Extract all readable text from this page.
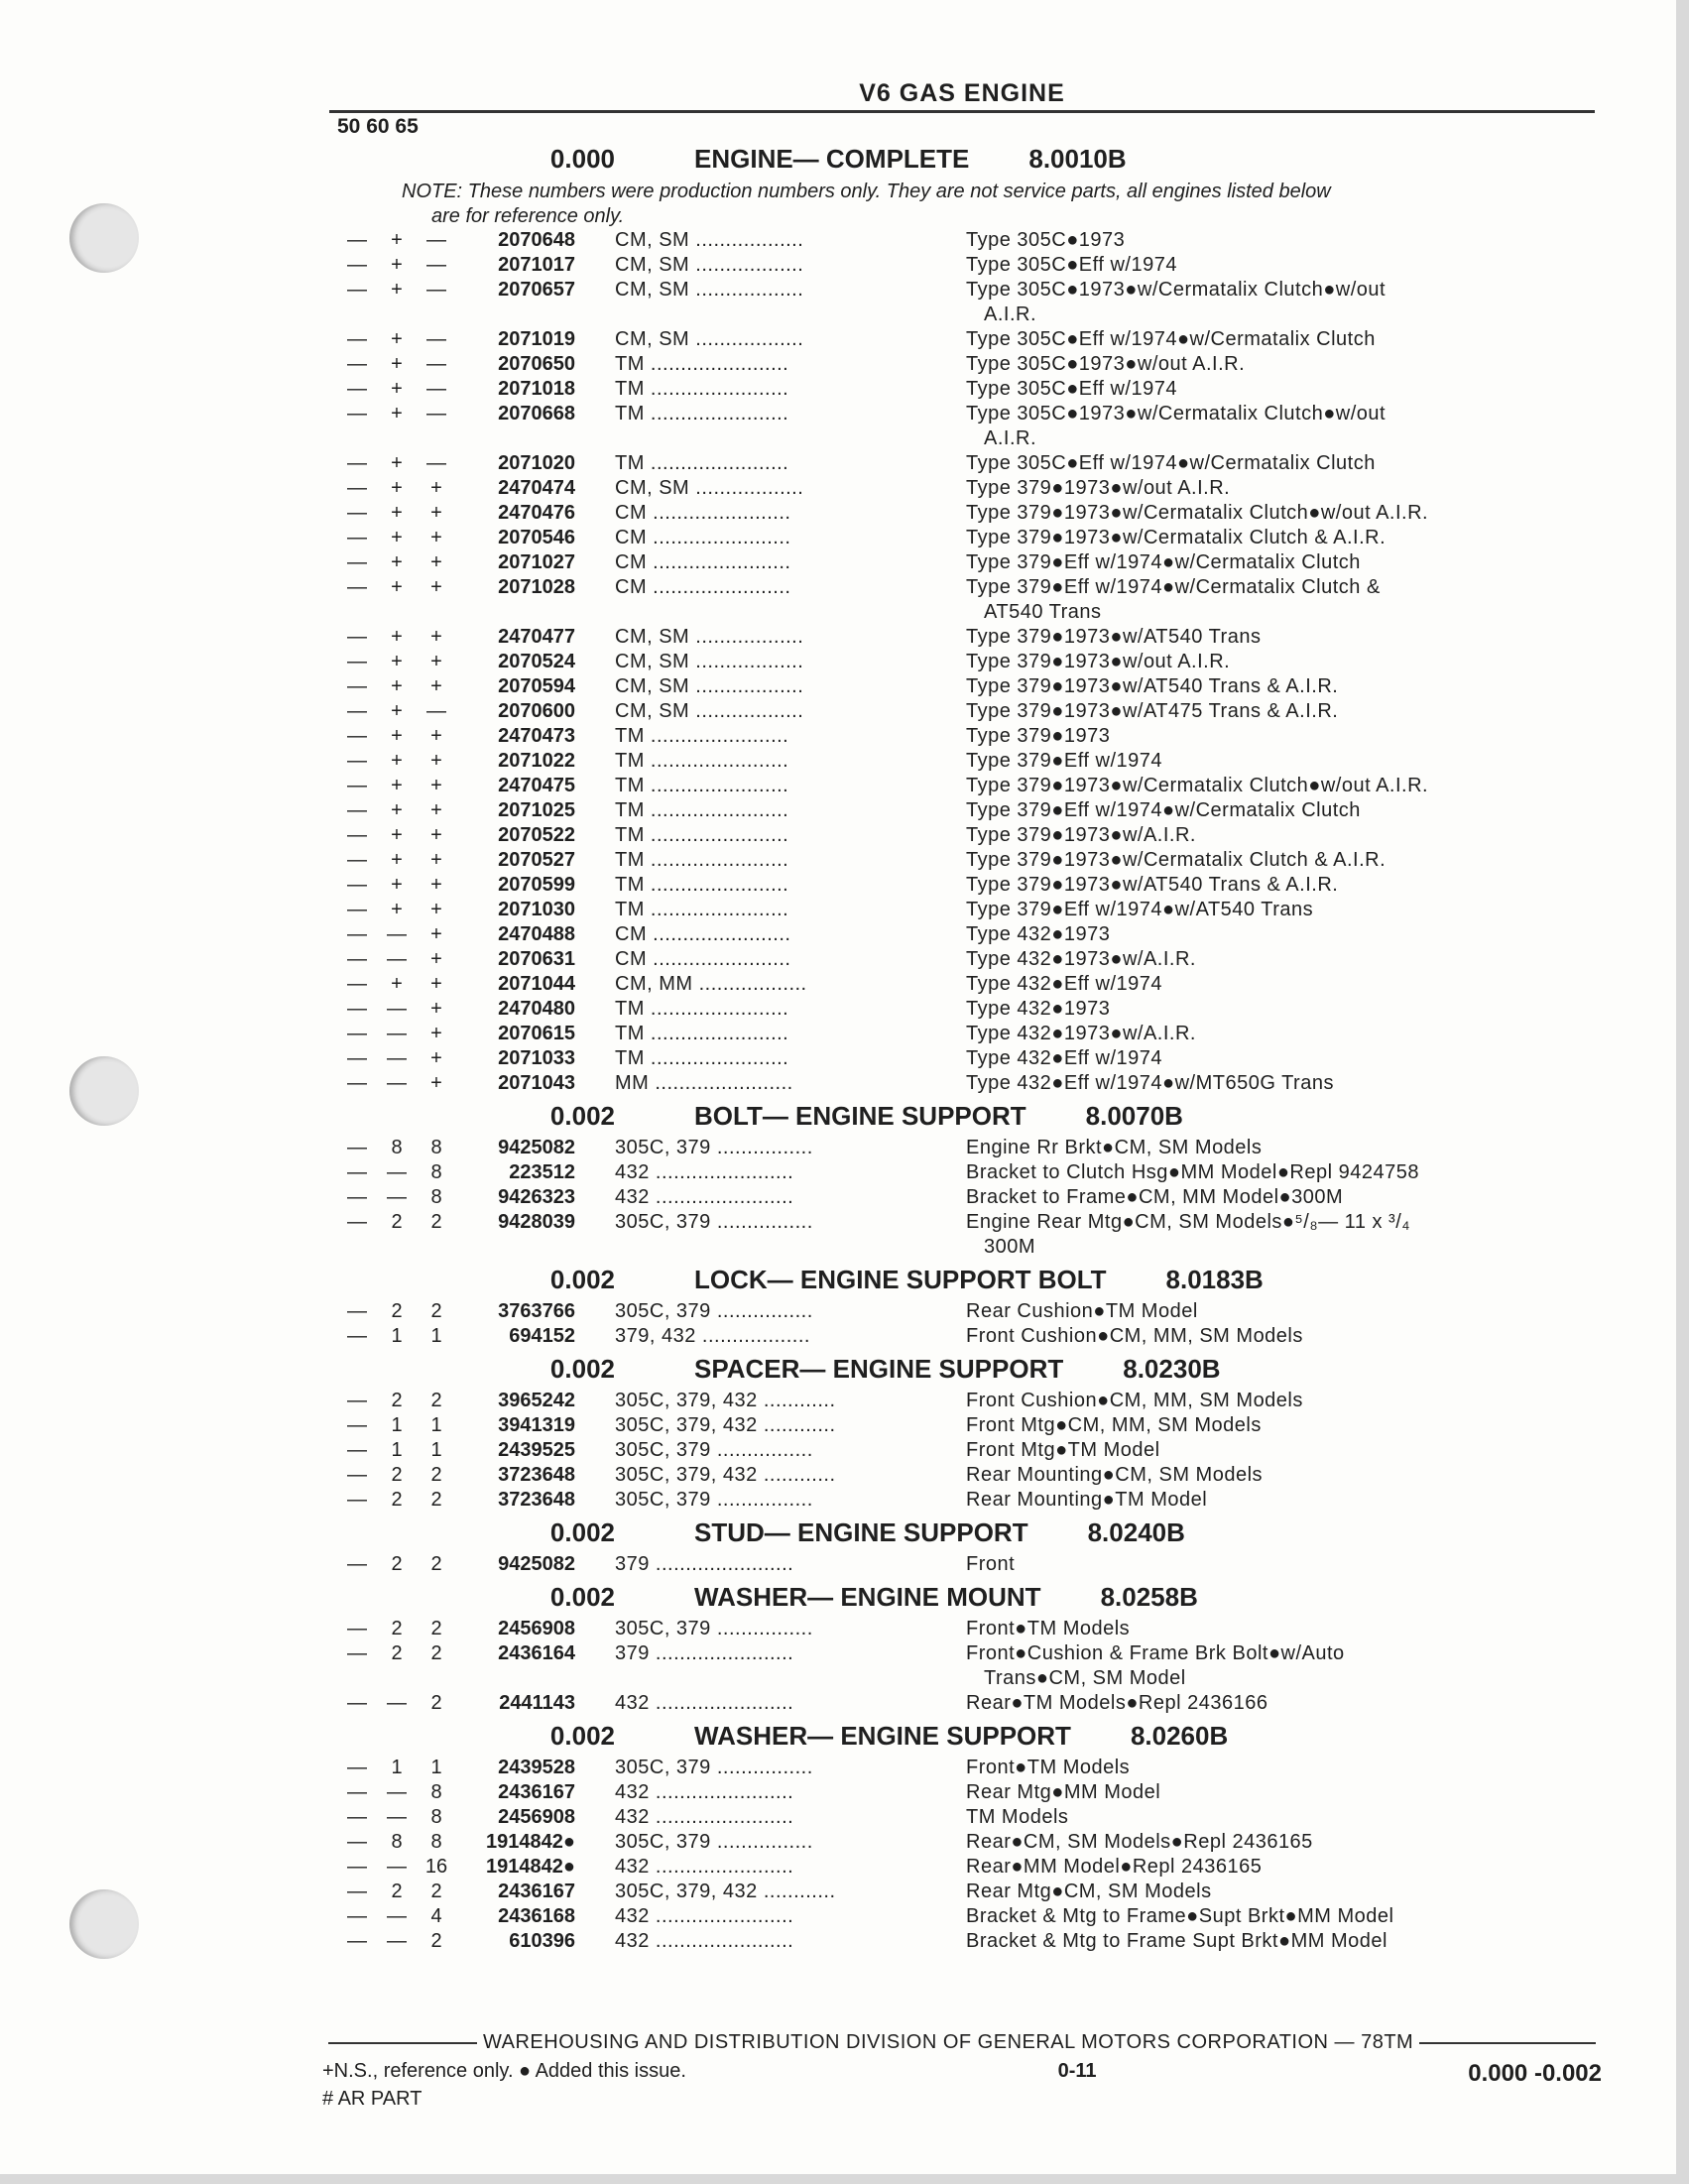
V6 GAS ENGINE
50 60 65
0.000	ENGINE— COMPLETE 8.0010B
NOTE: These numbers were production numbers only. They are not service parts, all engines listed below
are for reference only.
—	+	—	2070648	CM, SM ..................	Type 305C●1973
—	+	—	2071017	CM, SM ..................	Type 305C●Eff w/1974
—	+	—	2070657	CM, SM ..................	Type 305C●1973●w/Cermatalix Clutch●w/out
A.I.R.
—	+	—	2071019	CM, SM ..................	Type 305C●Eff w/1974●w/Cermatalix Clutch
—	+	—	2070650	TM .......................	Type 305C●1973●w/out A.I.R.
—	+	—	2071018	TM .......................	Type 305C●Eff w/1974
—	+	—	2070668	TM .......................	Type 305C●1973●w/Cermatalix Clutch●w/out
A.I.R.
—	+	—	2071020	TM .......................	Type 305C●Eff w/1974●w/Cermatalix Clutch
—	+	+	2470474	CM, SM ..................	Type 379●1973●w/out A.I.R.
—	+	+	2470476	CM .......................	Type 379●1973●w/Cermatalix Clutch●w/out A.I.R.
—	+	+	2070546	CM .......................	Type 379●1973●w/Cermatalix Clutch & A.I.R.
—	+	+	2071027	CM .......................	Type 379●Eff w/1974●w/Cermatalix Clutch
—	+	+	2071028	CM .......................	Type 379●Eff w/1974●w/Cermatalix Clutch &
AT540 Trans
—	+	+	2470477	CM, SM ..................	Type 379●1973●w/AT540 Trans
—	+	+	2070524	CM, SM ..................	Type 379●1973●w/out A.I.R.
—	+	+	2070594	CM, SM ..................	Type 379●1973●w/AT540 Trans & A.I.R.
—	+	—	2070600	CM, SM ..................	Type 379●1973●w/AT475 Trans & A.I.R.
—	+	+	2470473	TM .......................	Type 379●1973
—	+	+	2071022	TM .......................	Type 379●Eff w/1974
—	+	+	2470475	TM .......................	Type 379●1973●w/Cermatalix Clutch●w/out A.I.R.
—	+	+	2071025	TM .......................	Type 379●Eff w/1974●w/Cermatalix Clutch
—	+	+	2070522	TM .......................	Type 379●1973●w/A.I.R.
—	+	+	2070527	TM .......................	Type 379●1973●w/Cermatalix Clutch & A.I.R.
—	+	+	2070599	TM .......................	Type 379●1973●w/AT540 Trans & A.I.R.
—	+	+	2071030	TM .......................	Type 379●Eff w/1974●w/AT540 Trans
—	—	+	2470488	CM .......................	Type 432●1973
—	—	+	2070631	CM .......................	Type 432●1973●w/A.I.R.
—	+	+	2071044	CM, MM ..................	Type 432●Eff w/1974
—	—	+	2470480	TM .......................	Type 432●1973
—	—	+	2070615	TM .......................	Type 432●1973●w/A.I.R.
—	—	+	2071033	TM .......................	Type 432●Eff w/1974
—	—	+	2071043	MM .......................	Type 432●Eff w/1974●w/MT650G Trans
0.002	BOLT— ENGINE SUPPORT 8.0070B
—	8	8	9425082	305C, 379 ................	Engine Rr Brkt●CM, SM Models
—	—	8	223512	432 .......................	Bracket to Clutch Hsg●MM Model●Repl 9424758
—	—	8	9426323	432 .......................	Bracket to Frame●CM, MM Model●300M
—	2	2	9428039	305C, 379 ................	Engine Rear Mtg●CM, SM Models●⁵/₈— 11 x ³/₄
300M
0.002	LOCK— ENGINE SUPPORT BOLT 8.0183B
—	2	2	3763766	305C, 379 ................	Rear Cushion●TM Model
—	1	1	694152	379, 432 ..................	Front Cushion●CM, MM, SM Models
0.002	SPACER— ENGINE SUPPORT 8.0230B
—	2	2	3965242	305C, 379, 432 ............	Front Cushion●CM, MM, SM Models
—	1	1	3941319	305C, 379, 432 ............	Front Mtg●CM, MM, SM Models
—	1	1	2439525	305C, 379 ................	Front Mtg●TM Model
—	2	2	3723648	305C, 379, 432 ............	Rear Mounting●CM, SM Models
—	2	2	3723648	305C, 379 ................	Rear Mounting●TM Model
0.002	STUD— ENGINE SUPPORT 8.0240B
—	2	2	9425082	379 .......................	Front
0.002	WASHER— ENGINE MOUNT 8.0258B
—	2	2	2456908	305C, 379 ................	Front●TM Models
—	2	2	2436164	379 .......................	Front●Cushion & Frame Brk Bolt●w/Auto
Trans●CM, SM Model
—	—	2	2441143	432 .......................	Rear●TM Models●Repl 2436166
0.002	WASHER— ENGINE SUPPORT 8.0260B
—	1	1	2439528	305C, 379 ................	Front●TM Models
—	—	8	2436167	432 .......................	Rear Mtg●MM Model
—	—	8	2456908	432 .......................	TM Models
—	8	8	1914842●	305C, 379 ................	Rear●CM, SM Models●Repl 2436165
—	— 16	1914842●	432 .......................	Rear●MM Model●Repl 2436165
—	2	2	2436167	305C, 379, 432 ............	Rear Mtg●CM, SM Models
—	—	4	2436168	432 .......................	Bracket & Mtg to Frame●Supt Brkt●MM Model
—	—	2	610396	432 .......................	Bracket & Mtg to Frame Supt Brkt●MM Model
WAREHOUSING AND DISTRIBUTION DIVISION OF GENERAL MOTORS CORPORATION — 78TM
+N.S., reference only. ● Added this issue.	0-11	0.000 -0.002
# AR PART
